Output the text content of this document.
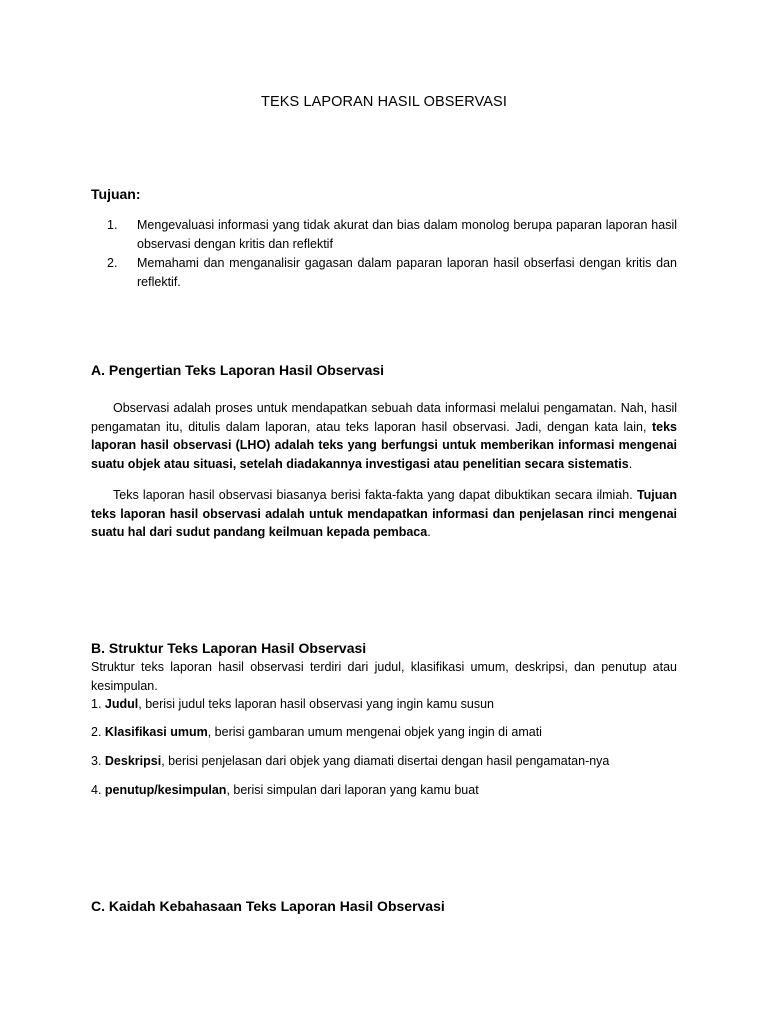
TEKS LAPORAN HASIL OBSERVASI
Tujuan:
1. Mengevaluasi informasi yang tidak akurat dan bias dalam monolog berupa paparan laporan hasil observasi dengan kritis dan reflektif
2. Memahami dan menganalisir gagasan dalam paparan laporan hasil obserfasi dengan kritis dan reflektif.
A. Pengertian Teks Laporan Hasil Observasi

Observasi adalah proses untuk mendapatkan sebuah data informasi melalui pengamatan. Nah, hasil pengamatan itu, ditulis dalam laporan, atau teks laporan hasil observasi. Jadi, dengan kata lain, teks laporan hasil observasi (LHO) adalah teks yang berfungsi untuk memberikan informasi mengenai suatu objek atau situasi, setelah diadakannya investigasi atau penelitian secara sistematis.

Teks laporan hasil observasi biasanya berisi fakta-fakta yang dapat dibuktikan secara ilmiah. Tujuan teks laporan hasil observasi adalah untuk mendapatkan informasi dan penjelasan rinci mengenai suatu hal dari sudut pandang keilmuan kepada pembaca.

B. Struktur Teks Laporan Hasil Observasi

Struktur teks laporan hasil observasi terdiri dari judul, klasifikasi umum, deskripsi, dan penutup atau kesimpulan.

1. Judul, berisi judul teks laporan hasil observasi yang ingin kamu susun
2. Klasifikasi umum, berisi gambaran umum mengenai objek yang ingin di amati
3. Deskripsi, berisi penjelasan dari objek yang diamati disertai dengan hasil pengamatan-nya
4. penutup/kesimpulan, berisi simpulan dari laporan yang kamu buat
C. Kaidah Kebahasaan Teks Laporan Hasil Observasi
